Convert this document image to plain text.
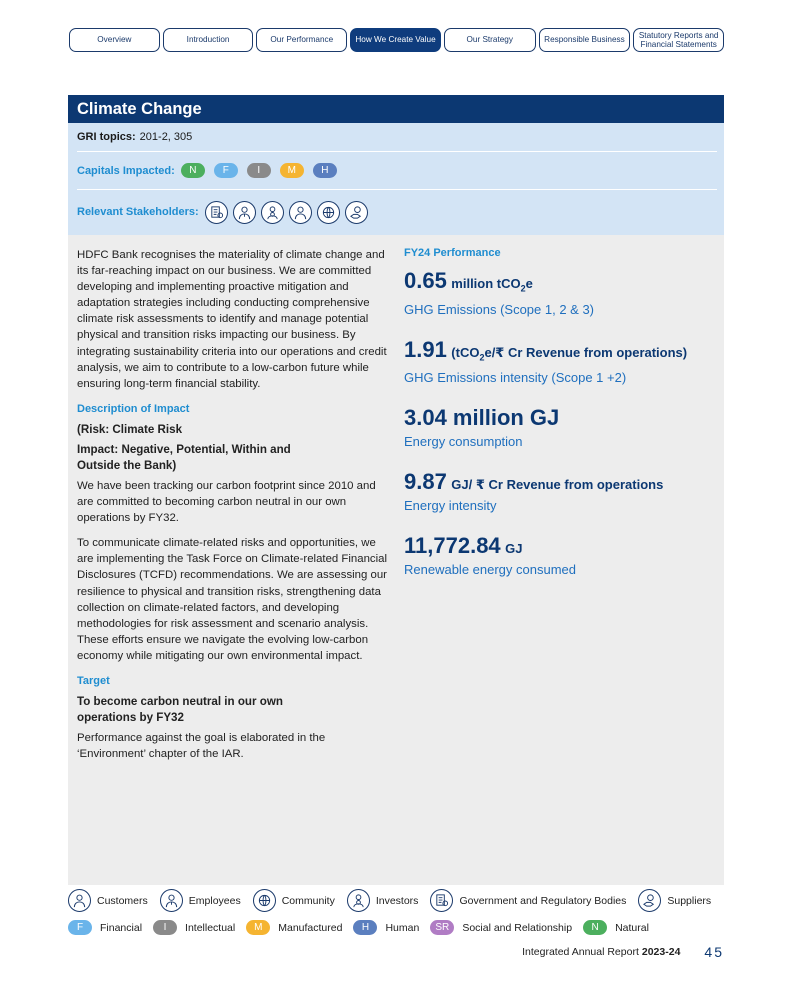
Overview	Introduction	Our Performance	How We Create Value	Our Strategy	Responsible Business	Statutory Reports and
Financial Statements
Climate Change
GRI topics: 201-2, 305
Capitals Impacted:	N	F	I	M	H
Relevant Stakeholders:

HDFC Bank recognises the materiality of climate change and its far-reaching impact on our business. We are committed developing and implementing proactive mitigation and adaptation strategies including conducting comprehensive climate risk assessments to identify and manage potential physical and transition risks impacting our business. By integrating sustainability criteria into our operations and credit analysis, we aim to contribute to a low-carbon future while ensuring long-term financial stability.

Description of Impact
(Risk: Climate Risk
Impact: Negative, Potential, Within and Outside the Bank)

We have been tracking our carbon footprint since 2010 and are committed to becoming carbon neutral in our own operations by FY32.

To communicate climate-related risks and opportunities, we are implementing the Task Force on Climate-related Financial Disclosures (TCFD) recommendations. We are assessing our resilience to physical and transition risks, strengthening data collection on climate-related factors, and developing methodologies for risk assessment and scenario analysis. These efforts ensure we navigate the evolving low-carbon economy while mitigating our own environmental impact.

Target
To become carbon neutral in our own operations by FY32

Performance against the goal is elaborated in the ‘Environment’ chapter of the IAR.

FY24 Performance
0.65 million tCO$_2$e
GHG Emissions (Scope 1, 2 & 3)
1.91 (tCO$_2$e/₹ Cr Revenue from operations)
GHG Emissions intensity (Scope 1 +2)
3.04 million GJ
Energy consumption
9.87 GJ/ ₹ Cr Revenue from operations
Energy intensity
11,772.84 GJ
Renewable energy consumed
Customers	Employees	Community	Investors	Government and Regulatory Bodies	Suppliers
F	Financial	I	Intellectual	M	Manufactured	H	Human	SR	Social and Relationship	N	Natural
Integrated Annual Report 2023-24 45
